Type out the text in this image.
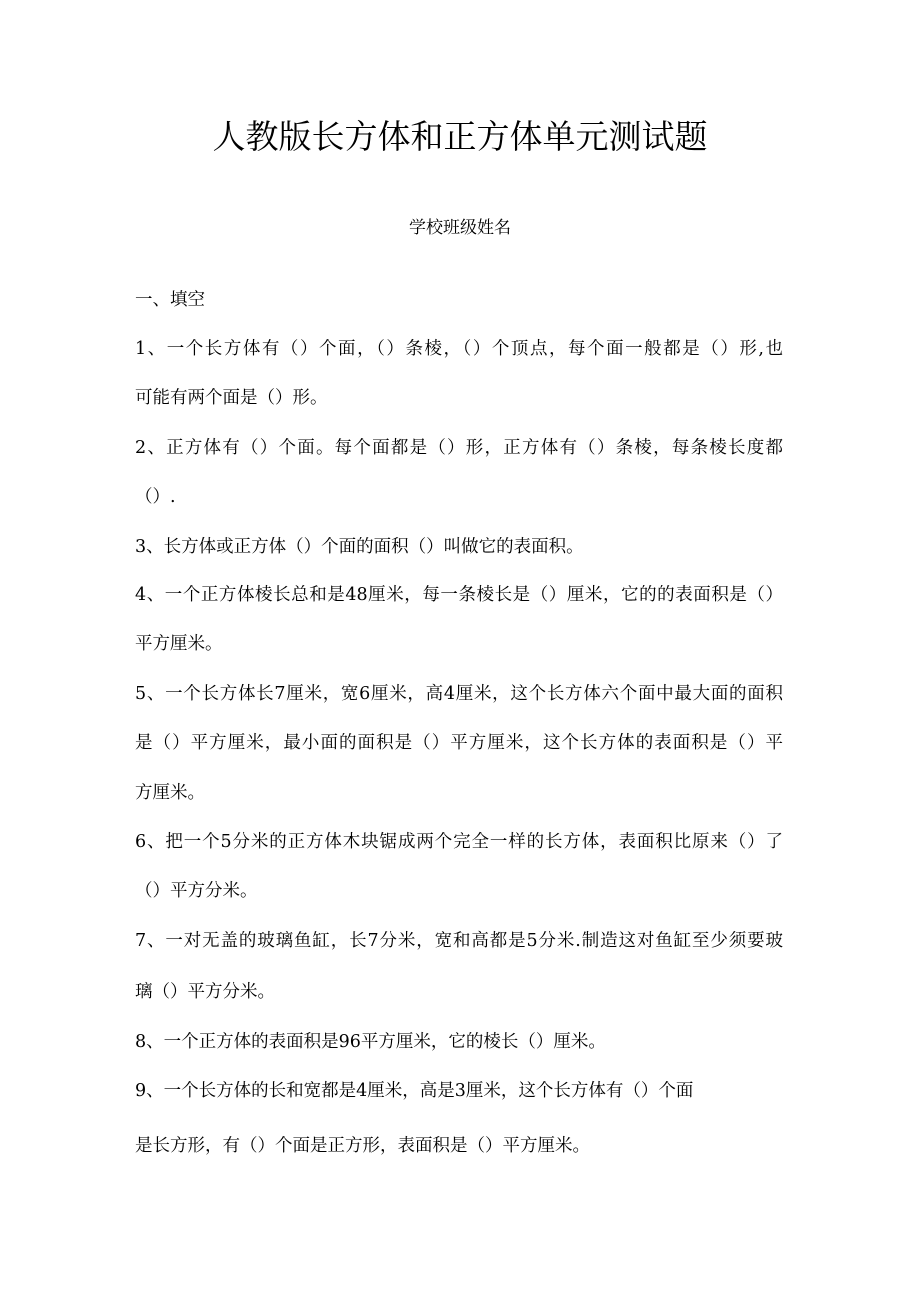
人教版长方体和正方体单元测试题
学校班级姓名
一、填空
1、一个长方体有（）个面，（）条棱，（）个顶点，每个面一般都是（）形,也
可能有两个面是（）形。
2、正方体有（）个面。每个面都是（）形，正方体有（）条棱，每条棱长度都
（）.
3、长方体或正方体（）个面的面积（）叫做它的表面积。
4、一个正方体棱长总和是48厘米，每一条棱长是（）厘米，它的的表面积是（）
平方厘米。
5、一个长方体长7厘米，宽6厘米，高4厘米，这个长方体六个面中最大面的面积
是（）平方厘米，最小面的面积是（）平方厘米，这个长方体的表面积是（）平
方厘米。
6、把一个5分米的正方体木块锯成两个完全一样的长方体，表面积比原来（）了
（）平方分米。
7、一对无盖的玻璃鱼缸，长7分米，宽和高都是5分米.制造这对鱼缸至少须要玻
璃（）平方分米。
8、一个正方体的表面积是96平方厘米，它的棱长（）厘米。
9、一个长方体的长和宽都是4厘米，高是3厘米，这个长方体有（）个面
是长方形，有（）个面是正方形，表面积是（）平方厘米。
